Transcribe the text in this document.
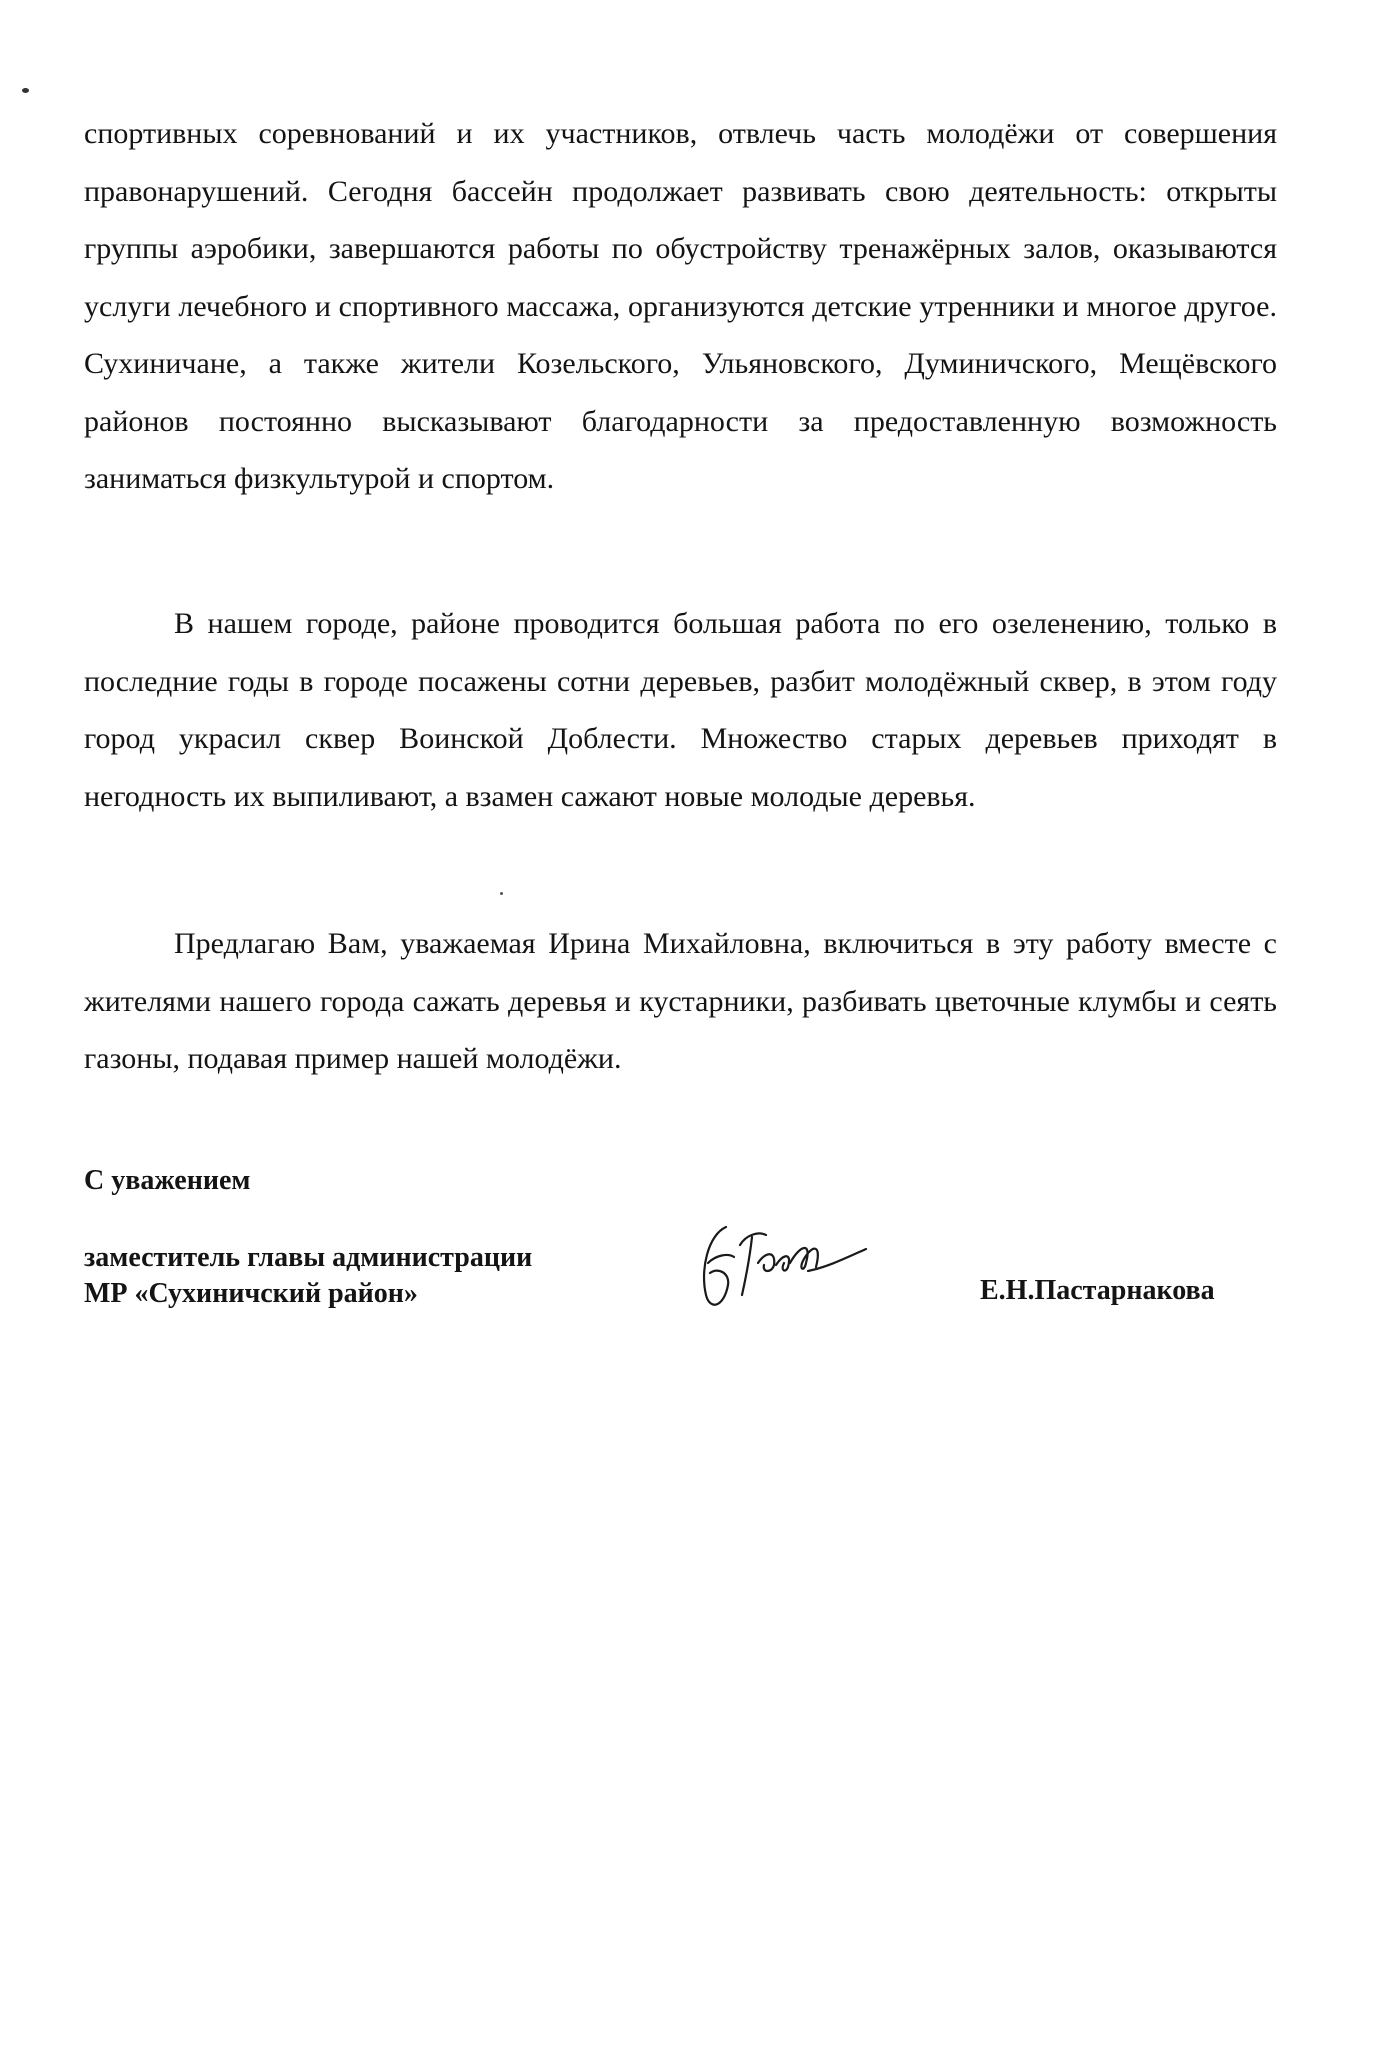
спортивных соревнований и их участников, отвлечь часть молодёжи от совершения правонарушений. Сегодня бассейн продолжает развивать свою деятельность: открыты группы аэробики, завершаются работы по обустройству тренажёрных залов, оказываются услуги лечебного и спортивного массажа, организуются детские утренники и многое другое. Сухиничане, а также жители Козельского, Ульяновского, Думиничского, Мещёвского районов постоянно высказывают благодарности за предоставленную возможность заниматься физкультурой и спортом.

В нашем городе, районе проводится большая работа по его озеленению, только в последние годы в городе посажены сотни деревьев, разбит молодёжный сквер, в этом году город украсил сквер Воинской Доблести. Множество старых деревьев приходят в негодность их выпиливают, а взамен сажают новые молодые деревья.

Предлагаю Вам, уважаемая Ирина Михайловна, включиться в эту работу вместе с жителями нашего города сажать деревья и кустарники, разбивать цветочные клумбы и сеять газоны, подавая пример нашей молодёжи.

С уважением

заместитель главы администрации
МР «Сухиничский район»	Е.Н.Пастарнакова
